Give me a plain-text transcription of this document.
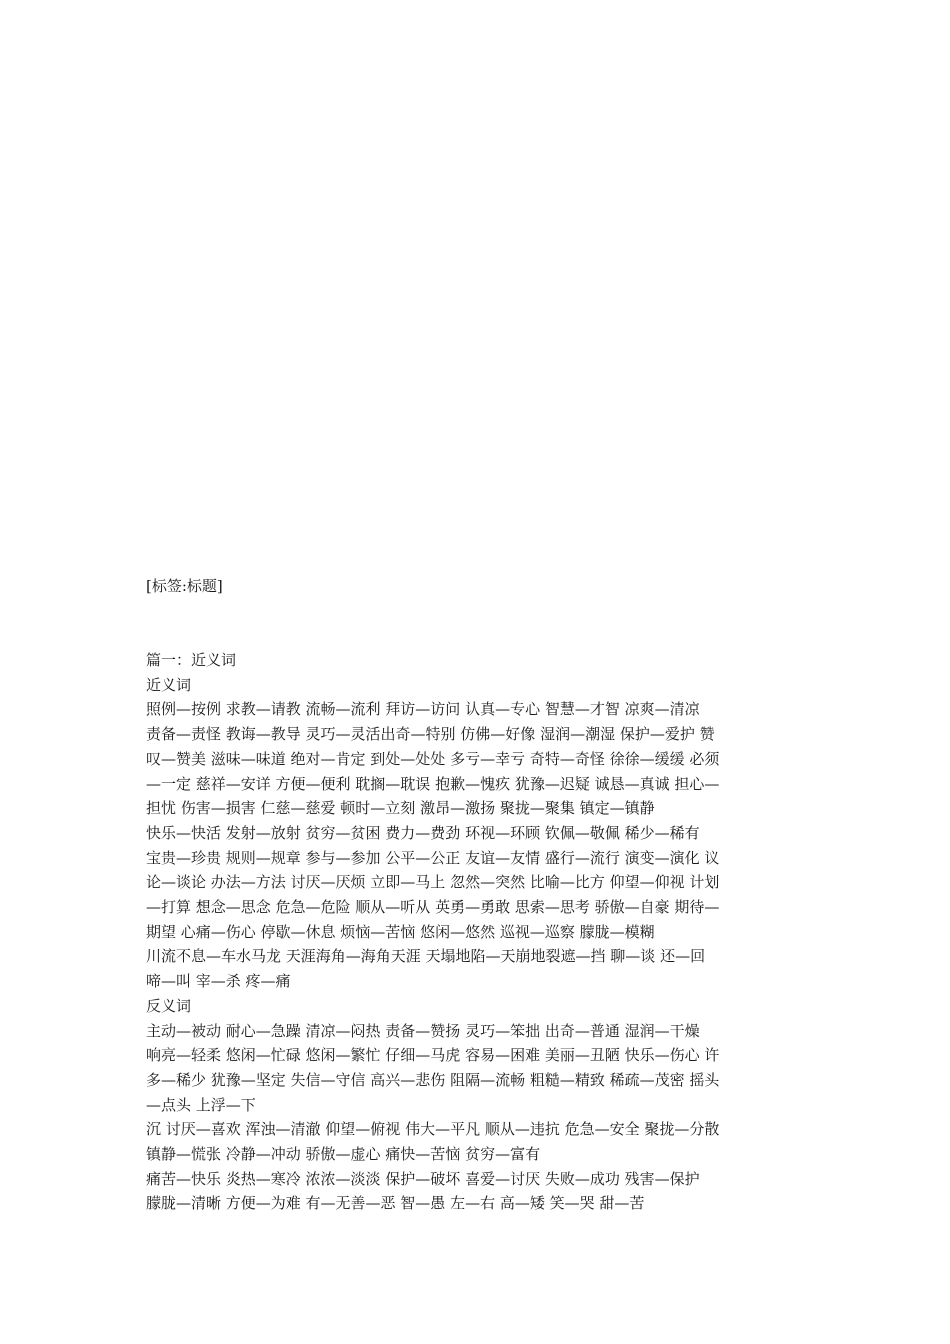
[标签:标题]
篇一：近义词
近义词
照例—按例 求教—请教 流畅—流利 拜访—访问 认真—专心 智慧—才智 凉爽—清凉
责备—责怪 教诲—教导 灵巧—灵活出奇—特别 仿佛—好像 湿润—潮湿 保护—爱护 赞
叹—赞美 滋味—味道 绝对—肯定 到处—处处 多亏—幸亏 奇特—奇怪 徐徐—缓缓 必须
—一定 慈祥—安详 方便—便利 耽搁—耽误 抱歉—愧疚 犹豫—迟疑 诚恳—真诚 担心—
担忧 伤害—损害 仁慈—慈爱 顿时—立刻 激昂—激扬 聚拢—聚集 镇定—镇静
快乐—快活 发射—放射 贫穷—贫困 费力—费劲 环视—环顾 钦佩—敬佩 稀少—稀有
宝贵—珍贵 规则—规章 参与—参加 公平—公正 友谊—友情 盛行—流行 演变—演化 议
论—谈论 办法—方法 讨厌—厌烦 立即—马上 忽然—突然 比喻—比方 仰望—仰视 计划
—打算 想念—思念 危急—危险 顺从—听从 英勇—勇敢 思索—思考 骄傲—自豪 期待—
期望 心痛—伤心 停歇—休息 烦恼—苦恼 悠闲—悠然 巡视—巡察 朦胧—模糊
川流不息—车水马龙 天涯海角—海角天涯 天塌地陷—天崩地裂遮—挡 聊—谈 还—回
啼—叫 宰—杀 疼—痛
反义词
主动—被动 耐心—急躁 清凉—闷热 责备—赞扬 灵巧—笨拙 出奇—普通 湿润—干燥
响亮—轻柔 悠闲—忙碌 悠闲—繁忙 仔细—马虎 容易—困难 美丽—丑陋 快乐—伤心 许
多—稀少 犹豫—坚定 失信—守信 高兴—悲伤 阻隔—流畅 粗糙—精致 稀疏—茂密 摇头
—点头 上浮—下
沉 讨厌—喜欢 浑浊—清澈 仰望—俯视 伟大—平凡 顺从—违抗 危急—安全 聚拢—分散
镇静—慌张 冷静—冲动 骄傲—虚心 痛快—苦恼 贫穷—富有
痛苦—快乐 炎热—寒冷 浓浓—淡淡 保护—破坏 喜爱—讨厌 失败—成功 残害—保护
朦胧—清晰 方便—为难 有—无善—恶 智—愚 左—右 高—矮 笑—哭 甜—苦
